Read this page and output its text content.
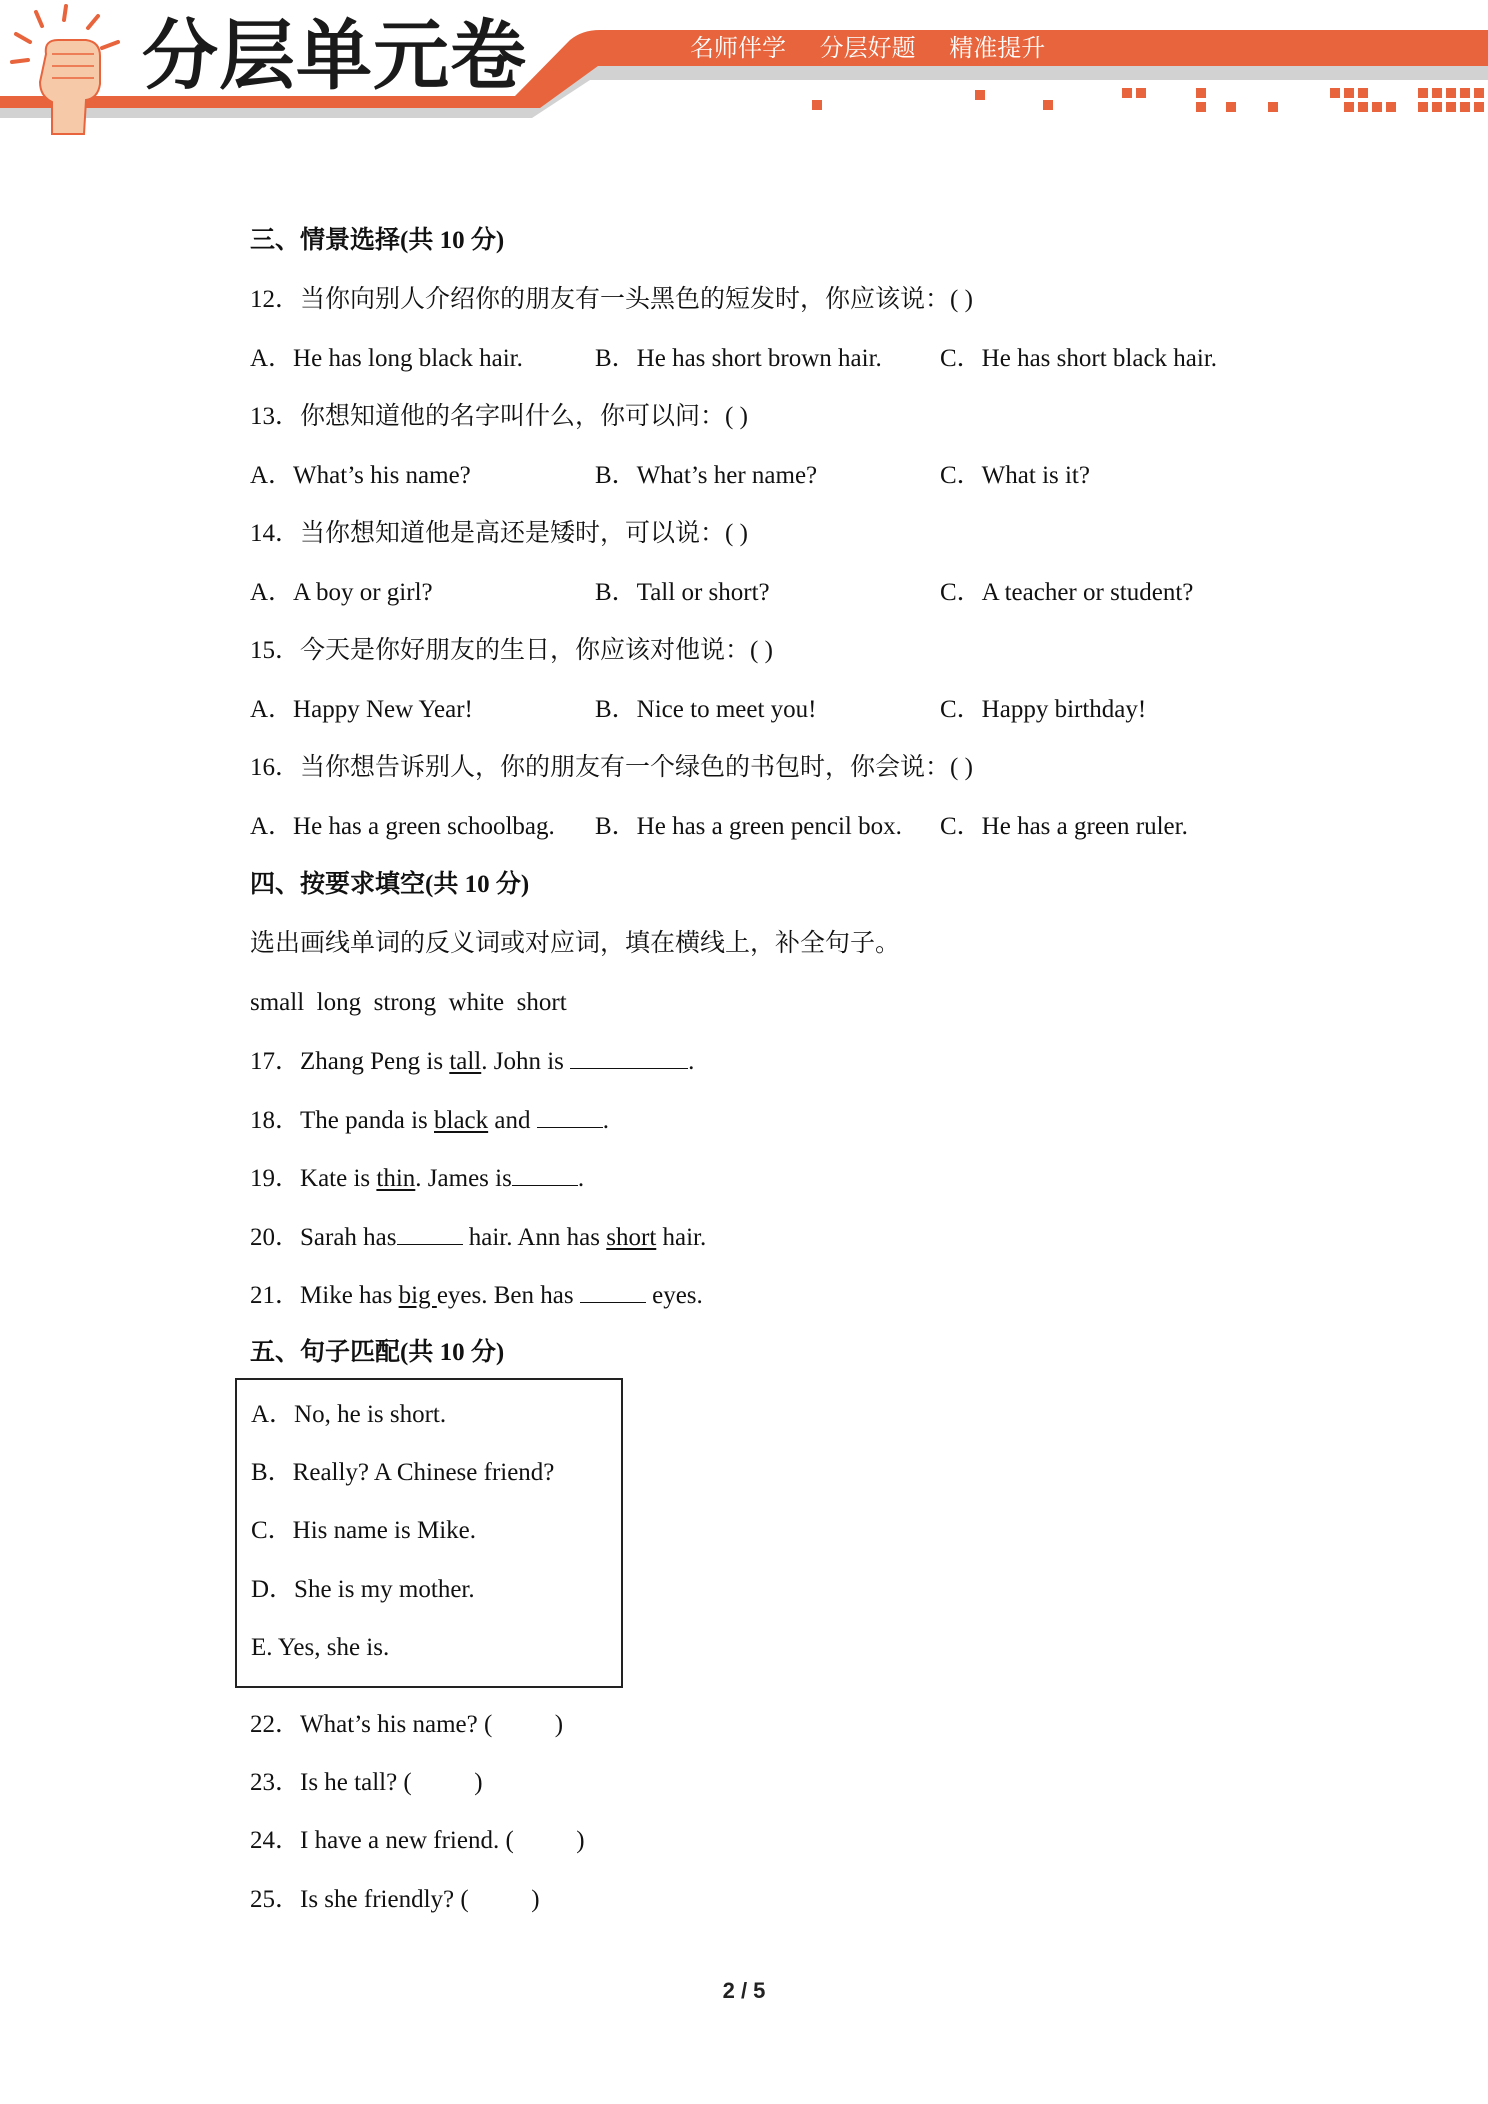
分层单元卷	名师伴学 分层好题 精准提升
三、情景选择(共 10 分)
12．当你向别人介绍你的朋友有一头黑色的短发时，你应该说：( )
A．He has long black hair.	B．He has short brown hair. C．He has short black hair.
13．你想知道他的名字叫什么，你可以问：( )
A．What’s his name?	B．What’s her name?	C．What is it?
14．当你想知道他是高还是矮时，可以说：( )
A．A boy or girl?	B．Tall or short?	C．A teacher or student?
15．今天是你好朋友的生日，你应该对他说：( )
A．Happy New Year!	B．Nice to meet you!	C．Happy birthday!
16．当你想告诉别人，你的朋友有一个绿色的书包时，你会说：( )
A．He has a green schoolbag. B．He has a green pencil box. C．He has a green ruler.
四、按要求填空(共 10 分)
选出画线单词的反义词或对应词，填在横线上，补全句子。
small  long  strong  white  short
17．Zhang Peng is tall. John is	.
18．The panda is black and	.
19．Kate is thin. James is	.
20．Sarah has	hair. Ann has short hair.
21．Mike has big eyes. Ben has	eyes.
五、句子匹配(共 10 分)
22．What’s his name? (          )
23．Is he tall? (          )
24．I have a new friend. (          )
25．Is she friendly? (          )
A．No, he is short.
B．Really? A Chinese friend?
C．His name is Mike.
D．She is my mother.
E. Yes, she is.
2 / 5
